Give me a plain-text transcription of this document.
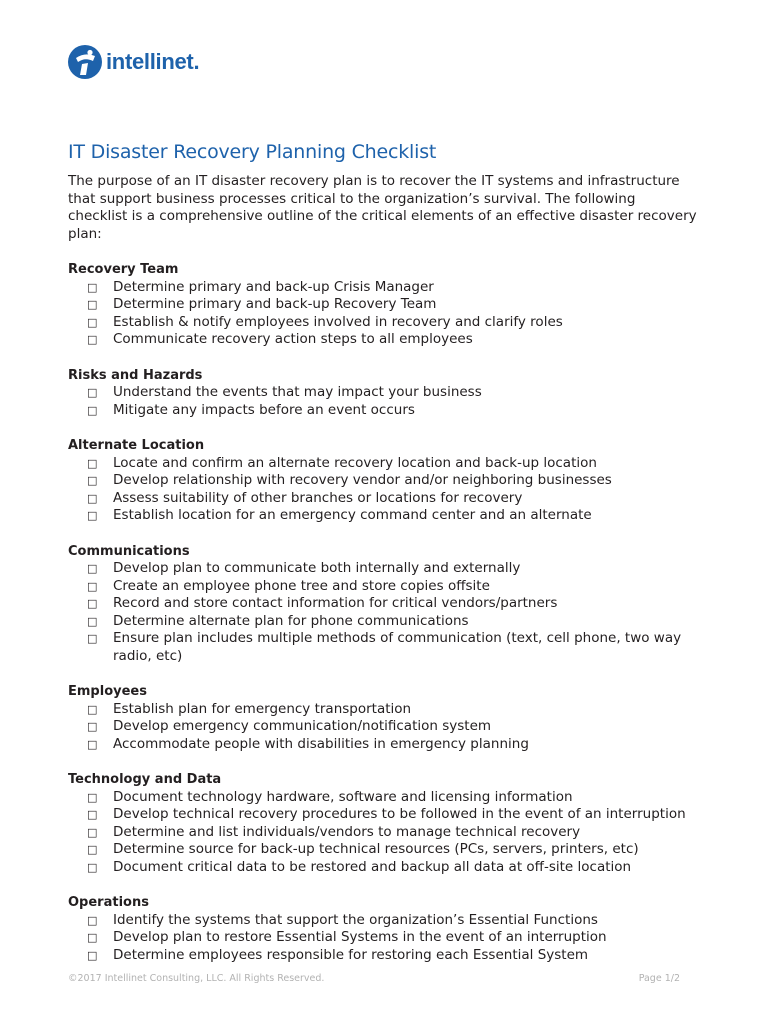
intellinet.
IT Disaster Recovery Planning Checklist

The purpose of an IT disaster recovery plan is to recover the IT systems and infrastructure that support business processes critical to the organization’s survival. The following checklist is a comprehensive outline of the critical elements of an effective disaster recovery plan:

Recovery Team
□	Determine primary and back-up Crisis Manager
□	Determine primary and back-up Recovery Team
□	Establish & notify employees involved in recovery and clarify roles
□	Communicate recovery action steps to all employees
Risks and Hazards
□	Understand the events that may impact your business
□	Mitigate any impacts before an event occurs
Alternate Location
□	Locate and confirm an alternate recovery location and back-up location
□	Develop relationship with recovery vendor and/or neighboring businesses
□	Assess suitability of other branches or locations for recovery
□	Establish location for an emergency command center and an alternate
Communications
□	Develop plan to communicate both internally and externally
□	Create an employee phone tree and store copies offsite
□	Record and store contact information for critical vendors/partners
□	Determine alternate plan for phone communications
□	Ensure plan includes multiple methods of communication (text, cell phone, two way radio, etc)
Employees
□	Establish plan for emergency transportation
□	Develop emergency communication/notification system
□	Accommodate people with disabilities in emergency planning
Technology and Data
□	Document technology hardware, software and licensing information
□	Develop technical recovery procedures to be followed in the event of an interruption
□	Determine and list individuals/vendors to manage technical recovery
□	Determine source for back-up technical resources (PCs, servers, printers, etc)
□	Document critical data to be restored and backup all data at off-site location
Operations
□	Identify the systems that support the organization’s Essential Functions
□	Develop plan to restore Essential Systems in the event of an interruption
□	Determine employees responsible for restoring each Essential System
©2017 Intellinet Consulting, LLC. All Rights Reserved.	Page 1/2
